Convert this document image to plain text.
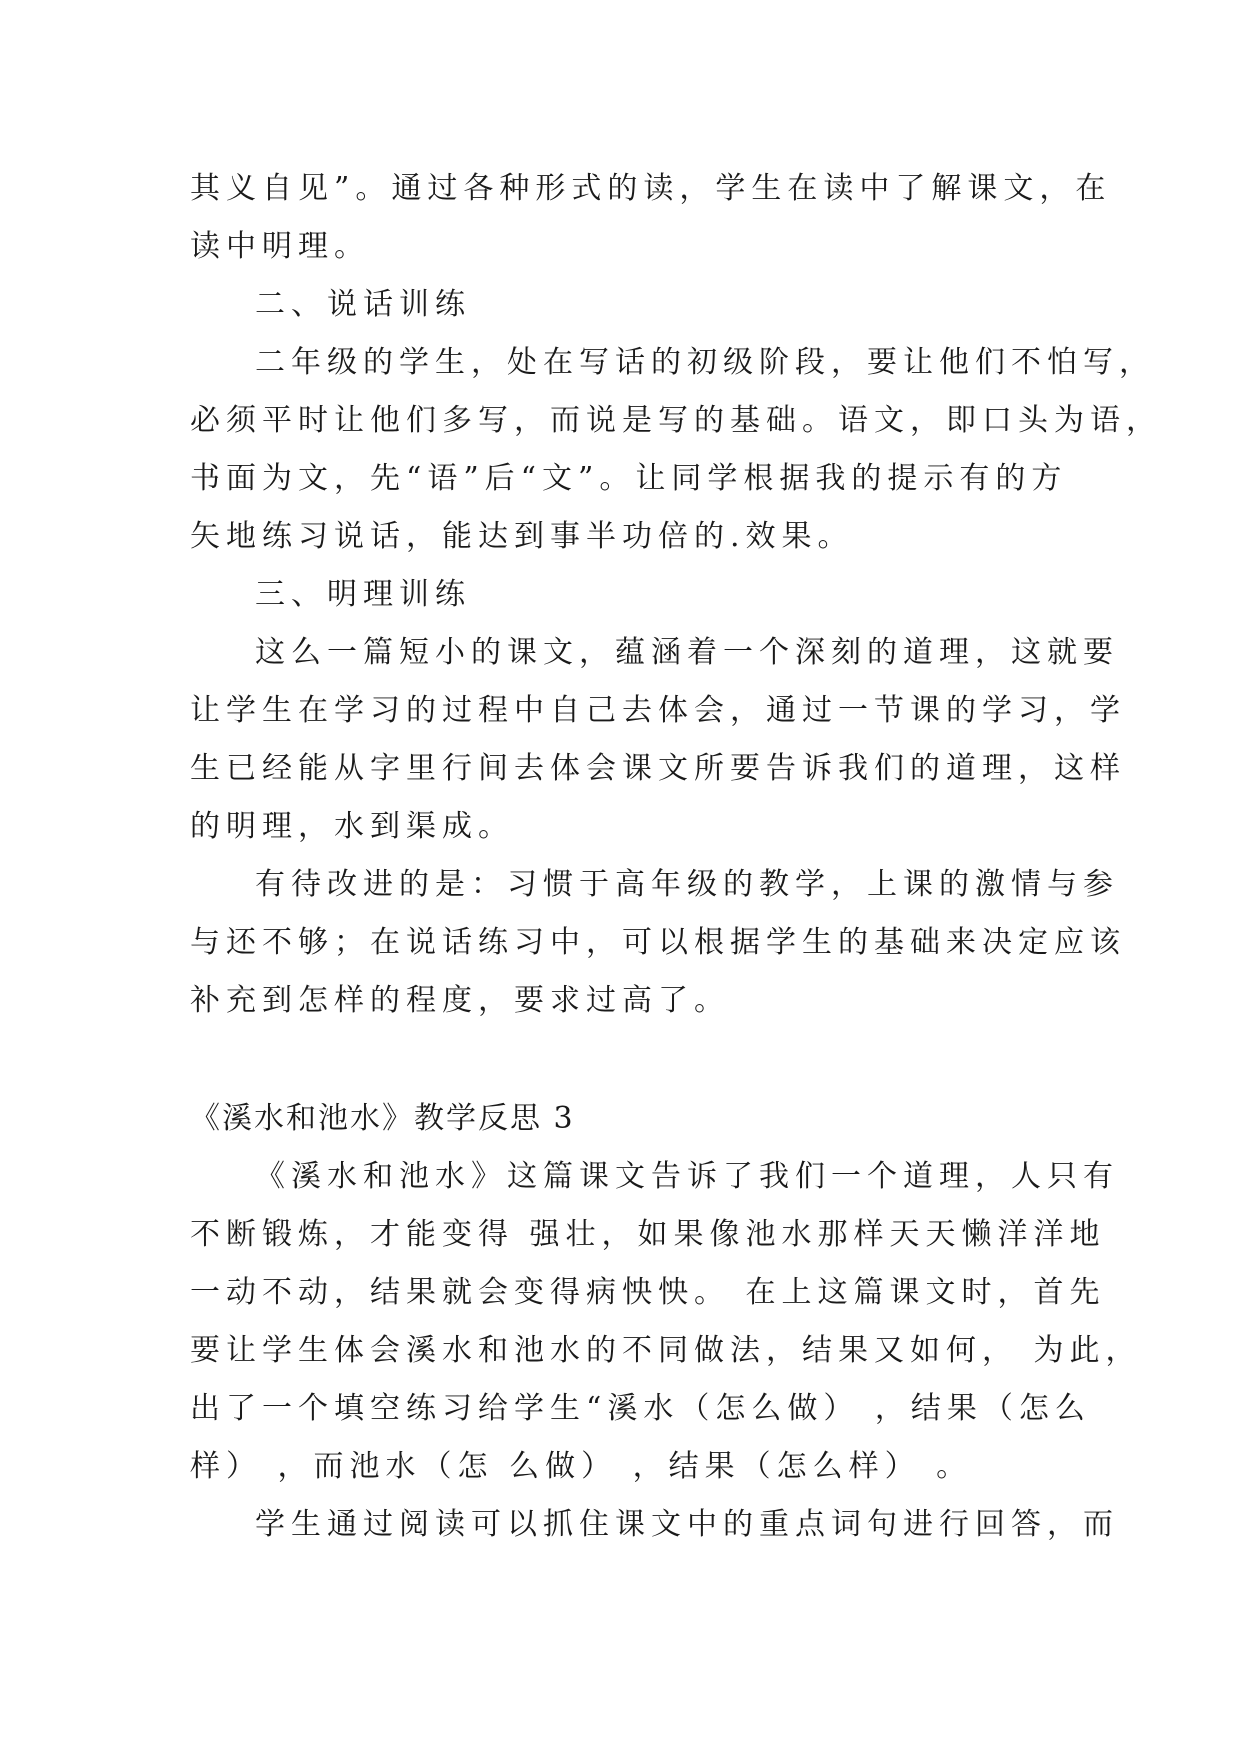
其义自见”。通过各种形式的读，学生在读中了解课文，在
读中明理。
二、说话训练
二年级的学生，处在写话的初级阶段，要让他们不怕写，
必须平时让他们多写，而说是写的基础。语文，即口头为语，
书面为文，先“语”后“文”。让同学根据我的提示有的方
矢地练习说话，能达到事半功倍的.效果。
三、明理训练
这么一篇短小的课文，蕴涵着一个深刻的道理，这就要
让学生在学习的过程中自己去体会，通过一节课的学习，学
生已经能从字里行间去体会课文所要告诉我们的道理，这样
的明理，水到渠成。
有待改进的是：习惯于高年级的教学，上课的激情与参
与还不够；在说话练习中，可以根据学生的基础来决定应该
补充到怎样的程度，要求过高了。
《溪水和池水》教学反思 3
《溪水和池水》这篇课文告诉了我们一个道理，人只有
不断锻炼，才能变得 强壮，如果像池水那样天天懒洋洋地
一动不动，结果就会变得病怏怏。 在上这篇课文时，首先
要让学生体会溪水和池水的不同做法，结果又如何， 为此，
出了一个填空练习给学生“溪水（怎么做） ，结果（怎么
样） ，而池水（怎 么做） ，结果（怎么样） 。
学生通过阅读可以抓住课文中的重点词句进行回答，而
